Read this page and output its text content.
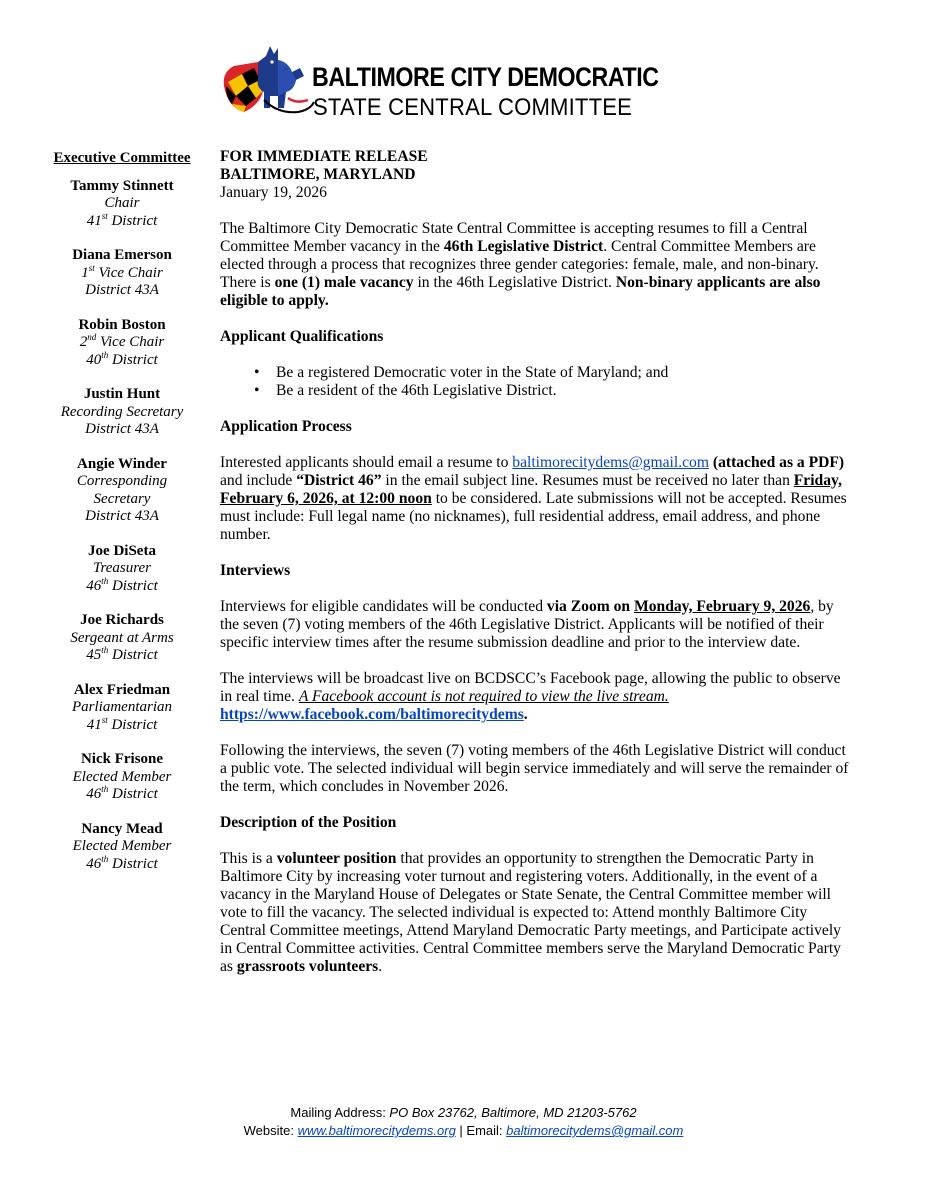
BALTIMORE CITY DEMOCRATIC
STATE CENTRAL COMMITTEE
Executive Committee
Tammy Stinnett
Chair
41st District
Diana Emerson
1st Vice Chair
District 43A
Robin Boston
2nd Vice Chair
40th District
Justin Hunt
Recording Secretary
District 43A
Angie Winder
Corresponding
Secretary
District 43A
Joe DiSeta
Treasurer
46th District
Joe Richards
Sergeant at Arms
45th District
Alex Friedman
Parliamentarian
41st District
Nick Frisone
Elected Member
46th District
Nancy Mead
Elected Member
46th District
FOR IMMEDIATE RELEASE
BALTIMORE, MARYLAND

January 19, 2026

The Baltimore City Democratic State Central Committee is accepting resumes to fill a Central Committee Member vacancy in the 46th Legislative District. Central Committee Members are elected through a process that recognizes three gender categories: female, male, and non-binary. There is one (1) male vacancy in the 46th Legislative District. Non-binary applicants are also eligible to apply.

Applicant Qualifications
• Be a registered Democratic voter in the State of Maryland; and
• Be a resident of the 46th Legislative District.
Application Process

Interested applicants should email a resume to baltimorecitydems@gmail.com (attached as a PDF) and include “District 46” in the email subject line. Resumes must be received no later than Friday, February 6, 2026, at 12:00 noon to be considered. Late submissions will not be accepted. Resumes must include: Full legal name (no nicknames), full residential address, email address, and phone number.

Interviews

Interviews for eligible candidates will be conducted via Zoom on Monday, February 9, 2026, by the seven (7) voting members of the 46th Legislative District. Applicants will be notified of their specific interview times after the resume submission deadline and prior to the interview date.

The interviews will be broadcast live on BCDSCC’s Facebook page, allowing the public to observe in real time. A Facebook account is not required to view the live stream.
https://www.facebook.com/baltimorecitydems.

Following the interviews, the seven (7) voting members of the 46th Legislative District will conduct a public vote. The selected individual will begin service immediately and will serve the remainder of the term, which concludes in November 2026.

Description of the Position

This is a volunteer position that provides an opportunity to strengthen the Democratic Party in Baltimore City by increasing voter turnout and registering voters. Additionally, in the event of a vacancy in the Maryland House of Delegates or State Senate, the Central Committee member will vote to fill the vacancy. The selected individual is expected to: Attend monthly Baltimore City Central Committee meetings, Attend Maryland Democratic Party meetings, and Participate actively in Central Committee activities. Central Committee members serve the Maryland Democratic Party as grassroots volunteers.

Mailing Address: PO Box 23762, Baltimore, MD 21203-5762
Website: www.baltimorecitydems.org | Email: baltimorecitydems@gmail.com
